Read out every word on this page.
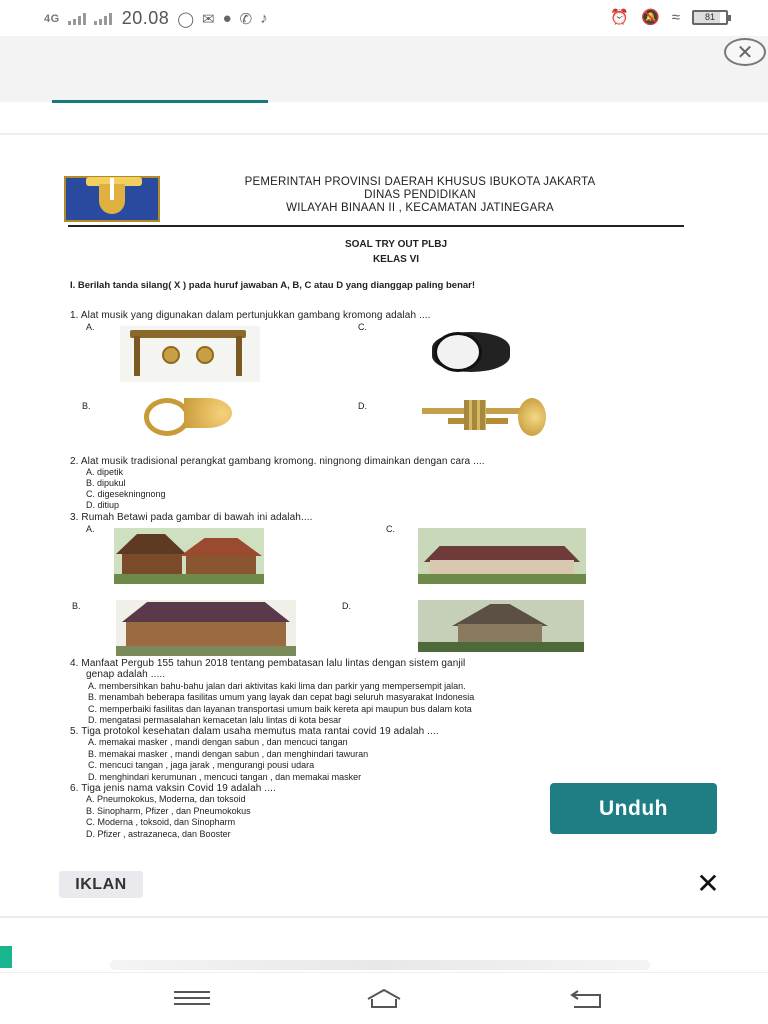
4G	20.08 ◯ ✉ ● ✆ ♪	⏰ 🔕 ≈	81
✕
PEMERINTAH PROVINSI DAERAH KHUSUS IBUKOTA JAKARTA
DINAS PENDIDIKAN
WILAYAH BINAAN II , KECAMATAN JATINEGARA
SOAL TRY OUT PLBJ
KELAS VI
I. Berilah tanda silang( X ) pada huruf jawaban A, B, C atau D yang dianggap paling benar!
1. Alat musik yang digunakan dalam pertunjukkan gambang kromong adalah ....
A.	C.
B.	D.
2. Alat musik tradisional perangkat gambang kromong. ningnong dimainkan dengan cara ....
A. dipetik
B. dipukul
C. digesekningnong
D. ditiup
3. Rumah Betawi pada gambar di bawah ini adalah....
A.	C.
B.	D.
4. Manfaat Pergub 155 tahun 2018 tentang pembatasan lalu lintas dengan sistem ganjil
genap adalah .....
A. membersihkan bahu-bahu jalan dari aktivitas kaki lima dan parkir yang mempersempit jalan.
B. menambah beberapa fasilitas umum yang layak dan cepat bagi seluruh masyarakat Indonesia
C. memperbaiki fasilitas dan layanan transportasi umum baik kereta api maupun bus dalam kota
D. mengatasi permasalahan kemacetan lalu lintas di kota besar
5. Tiga protokol kesehatan dalam usaha memutus mata rantai covid 19 adalah ....
A. memakai masker , mandi dengan sabun , dan mencuci tangan
B. memakai masker , mandi dengan sabun , dan menghindari tawuran
C. mencuci tangan , jaga jarak , mengurangi pousi udara
D. menghindari kerumunan , mencuci tangan , dan memakai masker
6. Tiga jenis nama vaksin Covid 19 adalah ....
A. Pneumokokus, Moderna, dan toksoid
B. Sinopharm, Pfizer , dan Pneumokokus
C. Moderna , toksoid, dan Sinopharm
D. Pfizer , astrazaneca, dan Booster
Unduh
IKLAN	✕
